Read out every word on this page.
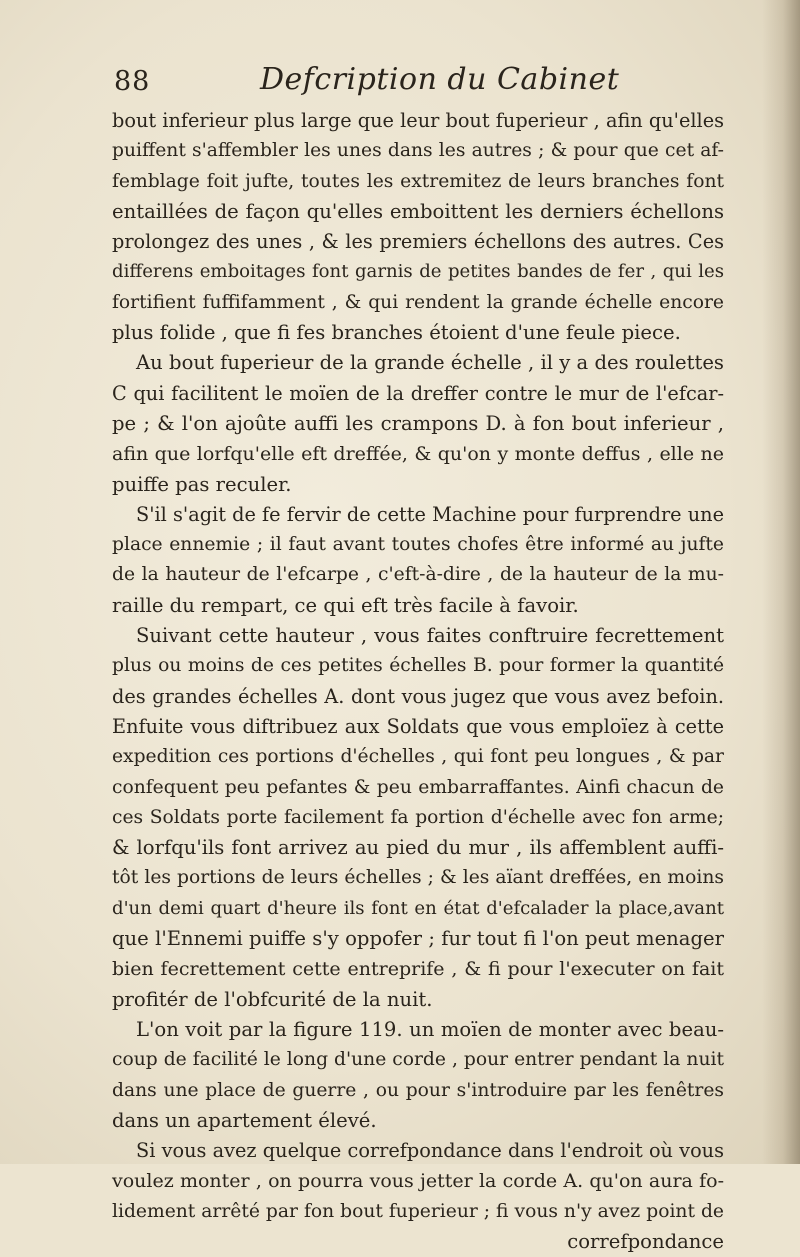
88	Defcription du Cabinet
bout inferieur plus large que leur bout fuperieur , afin qu'elles
puiffent s'affembler les unes dans les autres ; & pour que cet af-
femblage foit jufte, toutes les extremitez de leurs branches font
entaillées de façon qu'elles emboittent les derniers échellons
prolongez des unes , & les premiers échellons des autres. Ces
differens emboitages font garnis de petites bandes de fer , qui les
fortifient fuffifamment , & qui rendent la grande échelle encore
plus folide , que fi fes branches étoient d'une feule piece.
Au bout fuperieur de la grande échelle , il y a des roulettes
C qui facilitent le moïen de la dreffer contre le mur de l'efcar-
pe ; & l'on ajoûte auffi les crampons D. à fon bout inferieur ,
afin que lorfqu'elle eft dreffée, & qu'on y monte deffus , elle ne
puiffe pas reculer.
S'il s'agit de fe fervir de cette Machine pour furprendre une
place ennemie ; il faut avant toutes chofes être informé au jufte
de la hauteur de l'efcarpe , c'eft-à-dire , de la hauteur de la mu-
raille du rempart, ce qui eft très facile à favoir.
Suivant cette hauteur , vous faites conftruire fecrettement
plus ou moins de ces petites échelles B. pour former la quantité
des grandes échelles A. dont vous jugez que vous avez befoin.
Enfuite vous diftribuez aux Soldats que vous emploïez à cette
expedition ces portions d'échelles , qui font peu longues , & par
confequent peu pefantes & peu embarraffantes. Ainfi chacun de
ces Soldats porte facilement fa portion d'échelle avec fon arme;
& lorfqu'ils font arrivez au pied du mur , ils affemblent auffi-
tôt les portions de leurs échelles ; & les aïant dreffées, en moins
d'un demi quart d'heure ils font en état d'efcalader la place,avant
que l'Ennemi puiffe s'y oppofer ; fur tout fi l'on peut menager
bien fecrettement cette entreprife , & fi pour l'executer on fait
profitér de l'obfcurité de la nuit.
L'on voit par la figure 119. un moïen de monter avec beau-
coup de facilité le long d'une corde , pour entrer pendant la nuit
dans une place de guerre , ou pour s'introduire par les fenêtres
dans un apartement élevé.
Si vous avez quelque correfpondance dans l'endroit où vous
voulez monter , on pourra vous jetter la corde A. qu'on aura fo-
lidement arrêté par fon bout fuperieur ; fi vous n'y avez point de
correfpondance
